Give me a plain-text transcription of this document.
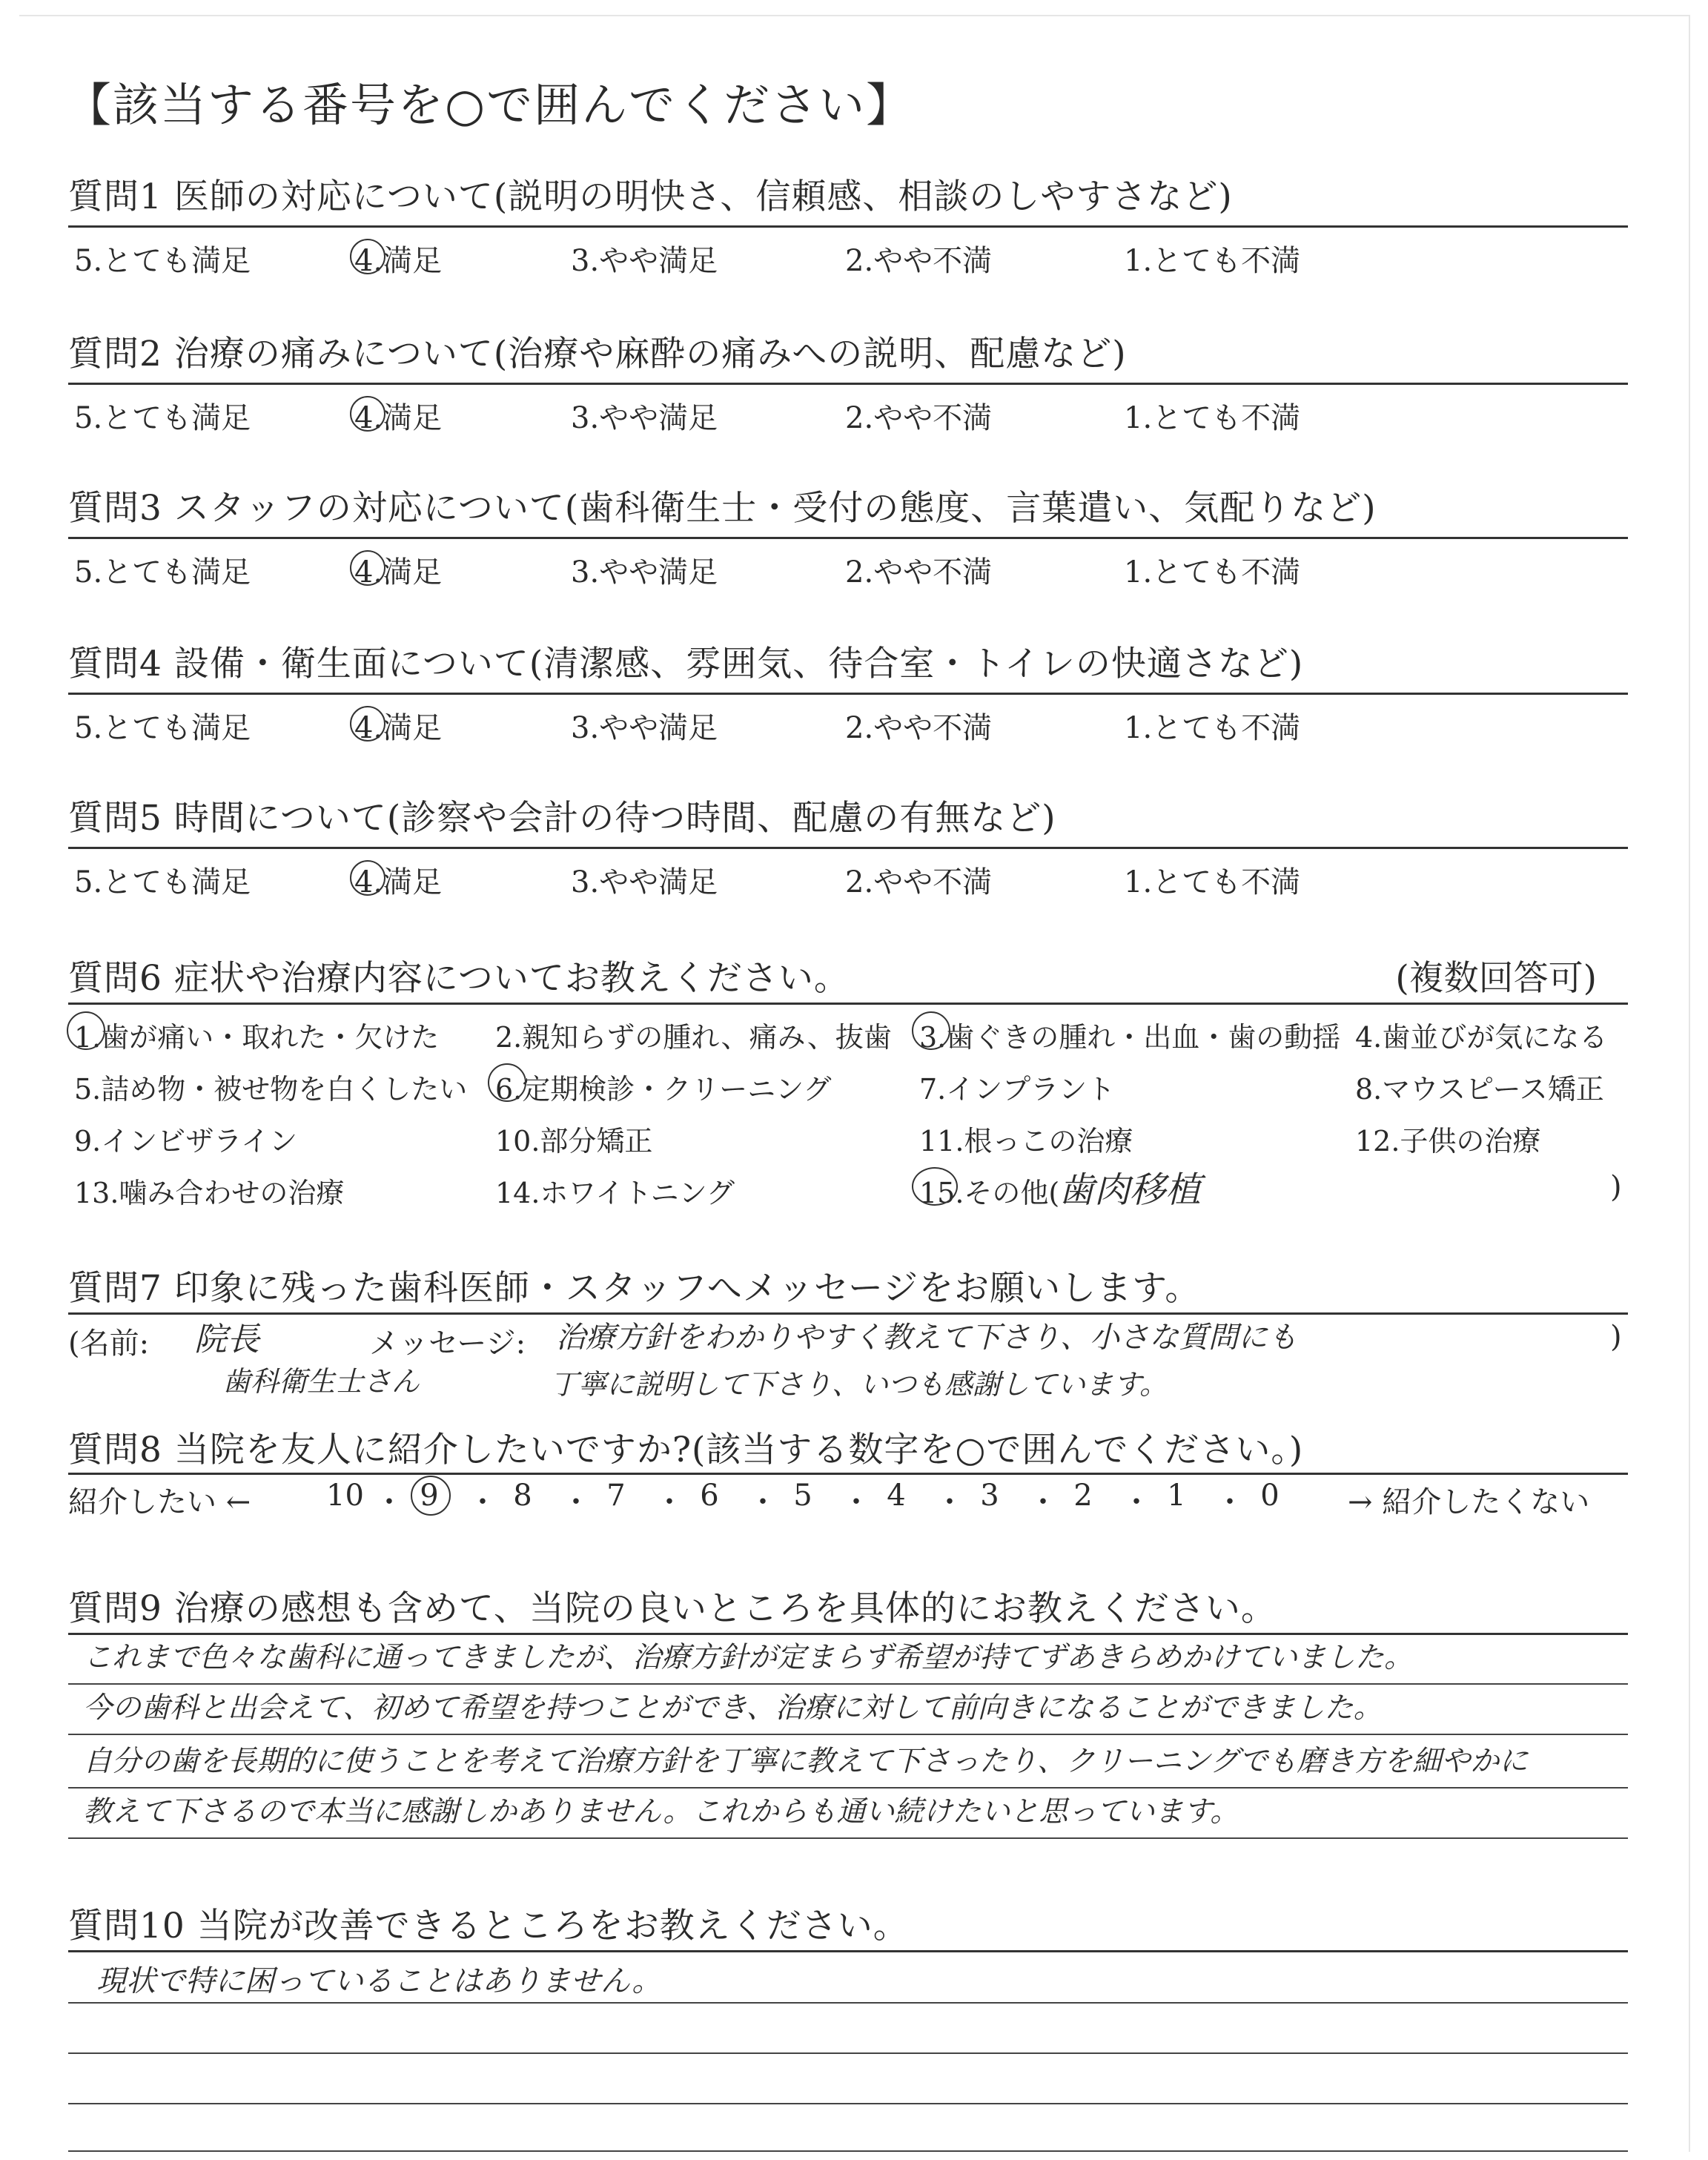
【該当する番号を○で囲んでください】
質問1 医師の対応について(説明の明快さ、信頼感、相談のしやすさなど)
5.とても満足	4.満足	3.やや満足	2.やや不満	1.とても不満
質問2 治療の痛みについて(治療や麻酔の痛みへの説明、配慮など)
5.とても満足	4.満足	3.やや満足	2.やや不満	1.とても不満
質問3 スタッフの対応について(歯科衛生士・受付の態度、言葉遣い、気配りなど)
5.とても満足	4.満足	3.やや満足	2.やや不満	1.とても不満
質問4 設備・衛生面について(清潔感、雰囲気、待合室・トイレの快適さなど)
5.とても満足	4.満足	3.やや満足	2.やや不満	1.とても不満
質問5 時間について(診察や会計の待つ時間、配慮の有無など)
5.とても満足	4.満足	3.やや満足	2.やや不満	1.とても不満
質問6 症状や治療内容についてお教えください。	(複数回答可)
1.歯が痛い・取れた・欠けた 2.親知らずの腫れ、痛み、抜歯 3.歯ぐきの腫れ・出血・歯の動揺 4.歯並びが気になる
5.詰め物・被せ物を白くしたい 6.定期検診・クリーニング	7.インプラント	8.マウスピース矯正
9.インビザライン	10.部分矯正	11.根っこの治療	12.子供の治療
13.噛み合わせの治療	14.ホワイトニング	15.その他(
歯肉移植	)
質問7 印象に残った歯科医師・スタッフへメッセージをお願いします。
(名前: 院長
歯科衛生士さん
メッセージ: 治療方針をわかりやすく教えて下さり、小さな質問にも
丁寧に説明して下さり、いつも感謝しています。
)
質問8 当院を友人に紹介したいですか?(該当する数字を○で囲んでください。)
紹介したい ←	10 ・ 9 ・ 8 ・ 7 ・ 6 ・ 5 ・ 4 ・ 3 ・ 2 ・ 1 ・ 0 → 紹介したくない
質問9 治療の感想も含めて、当院の良いところを具体的にお教えください。
これまで色々な歯科に通ってきましたが、治療方針が定まらず希望が持てずあきらめかけていました。
今の歯科と出会えて、初めて希望を持つことができ、治療に対して前向きになることができました。
自分の歯を長期的に使うことを考えて治療方針を丁寧に教えて下さったり、クリーニングでも磨き方を細やかに
教えて下さるので本当に感謝しかありません。これからも通い続けたいと思っています。
質問10 当院が改善できるところをお教えください。
現状で特に困っていることはありません。
